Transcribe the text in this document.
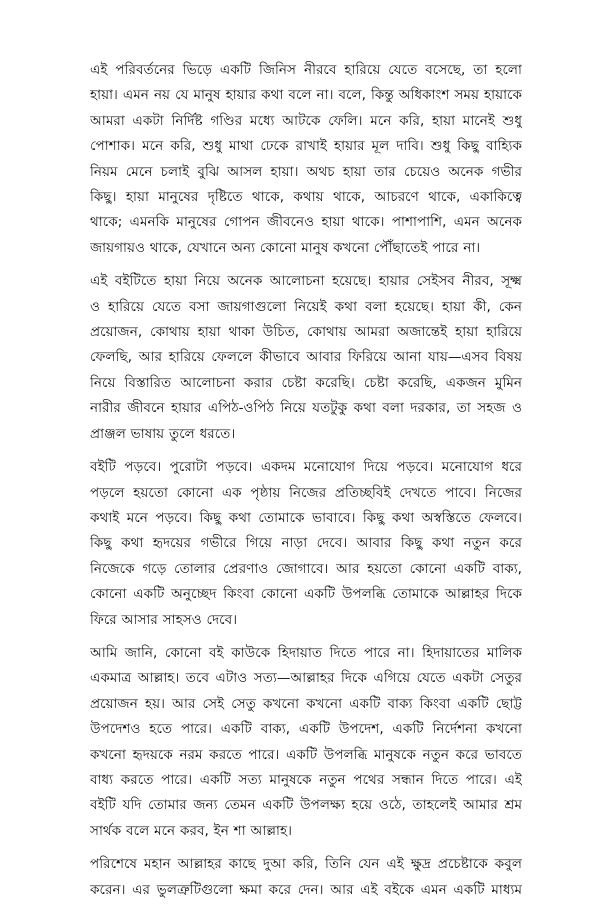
এই পরিবর্তনের ভিড়ে একটি জিনিস নীরবে হারিয়ে যেতে বসেছে, তা হলো
হায়া। এমন নয় যে মানুষ হায়ার কথা বলে না। বলে, কিন্তু অধিকাংশ সময় হায়াকে
আমরা একটা নির্দিষ্ট গণ্ডির মধ্যে আটকে ফেলি। মনে করি, হায়া মানেই শুধু
পোশাক। মনে করি, শুধু মাথা ঢেকে রাখাই হায়ার মূল দাবি। শুধু কিছু বাহ্যিক
নিয়ম মেনে চলাই বুঝি আসল হায়া। অথচ হায়া তার চেয়েও অনেক গভীর
কিছু। হায়া মানুষের দৃষ্টিতে থাকে, কথায় থাকে, আচরণে থাকে, একাকিত্বে
থাকে; এমনকি মানুষের গোপন জীবনেও হায়া থাকে। পাশাপাশি, এমন অনেক
জায়গায়ও থাকে, যেখানে অন্য কোনো মানুষ কখনো পৌঁছাতেই পারে না।

এই বইটিতে হায়া নিয়ে অনেক আলোচনা হয়েছে। হায়ার সেইসব নীরব, সূক্ষ্ম
ও হারিয়ে যেতে বসা জায়গাগুলো নিয়েই কথা বলা হয়েছে। হায়া কী, কেন
প্রয়োজন, কোথায় হায়া থাকা উচিত, কোথায় আমরা অজান্তেই হায়া হারিয়ে
ফেলছি, আর হারিয়ে ফেললে কীভাবে আবার ফিরিয়ে আনা যায়—এসব বিষয়
নিয়ে বিস্তারিত আলোচনা করার চেষ্টা করেছি। চেষ্টা করেছি, একজন মুমিন
নারীর জীবনে হায়ার এপিঠ-ওপিঠ নিয়ে যতটুকু কথা বলা দরকার, তা সহজ ও
প্রাঞ্জল ভাষায় তুলে ধরতে।

বইটি পড়বে। পুরোটা পড়বে। একদম মনোযোগ দিয়ে পড়বে। মনোযোগ ধরে
পড়লে হয়তো কোনো এক পৃষ্ঠায় নিজের প্রতিচ্ছবিই দেখতে পাবে। নিজের
কথাই মনে পড়বে। কিছু কথা তোমাকে ভাবাবে। কিছু কথা অস্বস্তিতে ফেলবে।
কিছু কথা হৃদয়ের গভীরে গিয়ে নাড়া দেবে। আবার কিছু কথা নতুন করে
নিজেকে গড়ে তোলার প্রেরণাও জোগাবে। আর হয়তো কোনো একটি বাক্য,
কোনো একটি অনুচ্ছেদ কিংবা কোনো একটি উপলব্ধি তোমাকে আল্লাহর দিকে
ফিরে আসার সাহসও দেবে।

আমি জানি, কোনো বই কাউকে হিদায়াত দিতে পারে না। হিদায়াতের মালিক
একমাত্র আল্লাহ। তবে এটাও সত্য—আল্লাহর দিকে এগিয়ে যেতে একটা সেতুর
প্রয়োজন হয়। আর সেই সেতু কখনো কখনো একটি বাক্য কিংবা একটি ছোট্ট
উপদেশও হতে পারে। একটি বাক্য, একটি উপদেশ, একটি নির্দেশনা কখনো
কখনো হৃদয়কে নরম করতে পারে। একটি উপলব্ধি মানুষকে নতুন করে ভাবতে
বাধ্য করতে পারে। একটি সত্য মানুষকে নতুন পথের সন্ধান দিতে পারে। এই
বইটি যদি তোমার জন্য তেমন একটি উপলক্ষ্য হয়ে ওঠে, তাহলেই আমার শ্রম
সার্থক বলে মনে করব, ইন শা আল্লাহ।

পরিশেষে মহান আল্লাহর কাছে দুআ করি, তিনি যেন এই ক্ষুদ্র প্রচেষ্টাকে কবুল
করেন। এর ভুলত্রুটিগুলো ক্ষমা করে দেন। আর এই বইকে এমন একটি মাধ্যম
